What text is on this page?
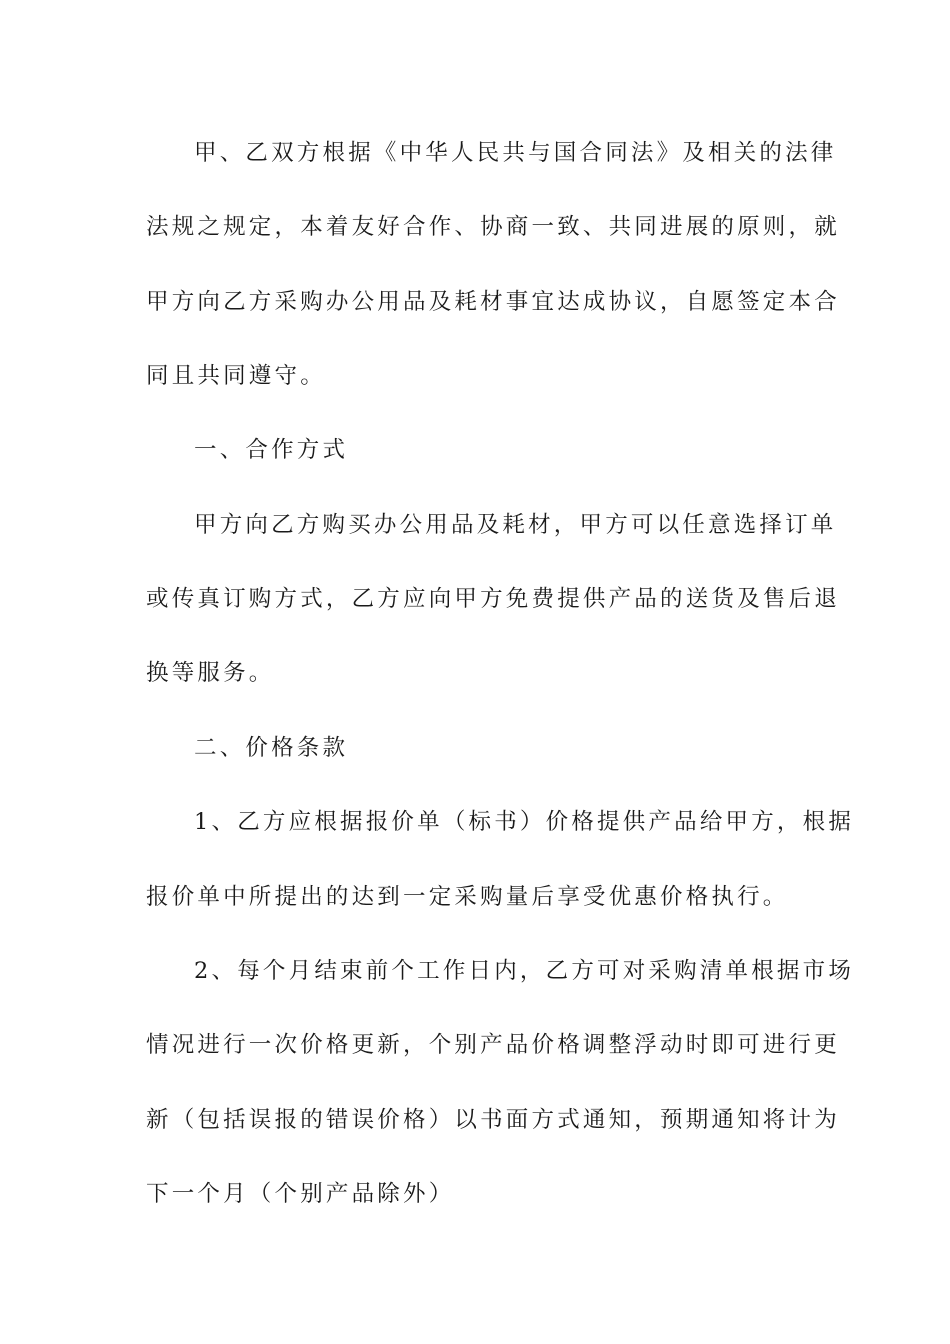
甲、乙双方根据《中华人民共与国合同法》及相关的法律
法规之规定，本着友好合作、协商一致、共同进展的原则，就
甲方向乙方采购办公用品及耗材事宜达成协议，自愿签定本合
同且共同遵守。
一、合作方式
甲方向乙方购买办公用品及耗材，甲方可以任意选择订单
或传真订购方式，乙方应向甲方免费提供产品的送货及售后退
换等服务。
二、价格条款
1、乙方应根据报价单（标书）价格提供产品给甲方，根据
报价单中所提出的达到一定采购量后享受优惠价格执行。
2、每个月结束前个工作日内，乙方可对采购清单根据市场
情况进行一次价格更新，个别产品价格调整浮动时即可进行更
新（包括误报的错误价格）以书面方式通知，预期通知将计为
下一个月（个别产品除外）
